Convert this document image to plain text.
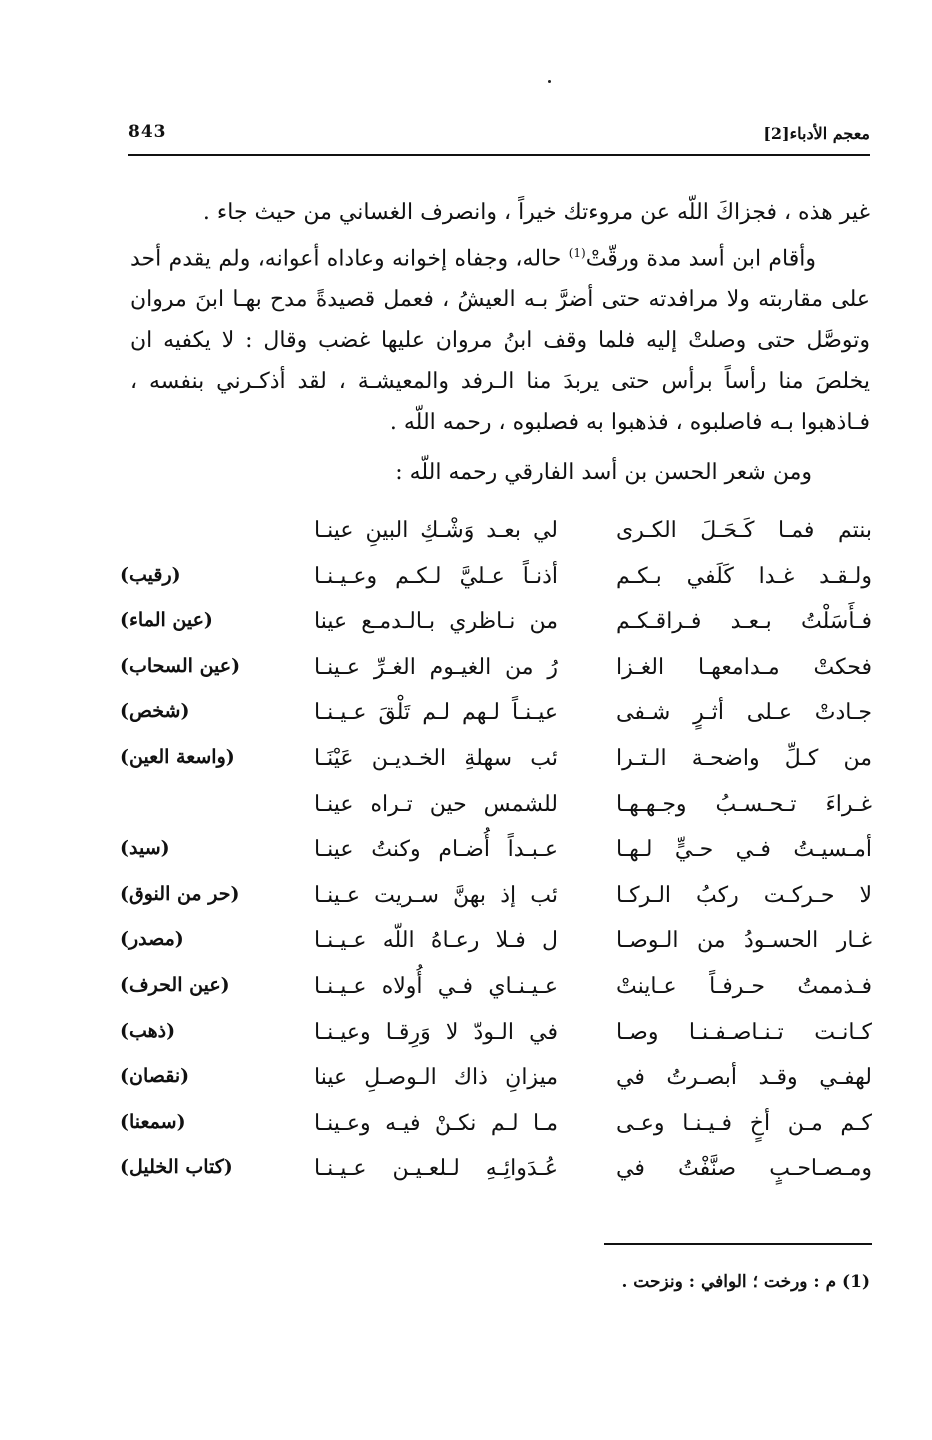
معجم الأدباء[2]
843

غير هذه ، فجزاكَ اللّه عن مروءتك خيراً ، وانصرف الغساني من حيث جاء .

وأقام ابن أسد مدة ورقّتْ$^{(1)}$ حاله، وجفاه إخوانه وعاداه أعوانه، ولم يقدم أحد على مقاربته ولا مرافدته حتى أضرَّ بـه العيشُ ، فعمل قصيدةً مدح بهـا ابنَ مروان وتوصَّل حتى وصلتْ إليه فلما وقف ابنُ مروان عليها غضب وقال : لا يكفيه ان يخلصَ منا رأساً برأس حتى يربدَ منا الـرفد والمعيشـة ، لقد أذكـرني بنفسه ، فـاذهبوا بـه فاصلبوه ، فذهبوا به فصلبوه ، رحمه اللّه .

ومن شعر الحسن بن أسد الفارقي رحمه اللّه :
بنتم فمـا كَـحَـلَ الكـرى
لي بعـد وَشْـكِ البينِ عينـا
ولـقـد غـدا كَلَفي بـكـم
أذنـاً عـليَّ لـكـم وعـيـنـا
(رقيب)
فـأَسَلْتُ بـعـد فـراقـكـم
من نـاظري بـالـدمـع عينا
(عين الماء)
فحكتْ مـدامعهـا الغـزا
رُ من الغيـوم الغـرِّ عـينـا
(عين السحاب)
جـادتْ عـلى أثـرٍ شـفى
عيـنـاً لـهم لـم تَلْقَ عـيـنـا
(شخص)
من كـلِّ واضحـة الـتـرا
ئب سهلةِ الخـديـن عَيْنَـا
(واسعة العين)
غـراءَ تـحـسـبُ وجـهـهـا
للشمس حين تـراه عينـا
أمـسيـتُ فـي حـيٍّ لـهـا
عـبـداً أُضـام وكنتُ عينـا
(سيد)
لا حـركـت ركبُ الـركـا
ئب إذ بهنَّ سـريت عـينـا
(حر من النوق)
غـار الحسـودُ من الـوصـا
ل فـلا رعـاهُ اللّه عـيـنـا
(مصدر)
فـذممتُ حـرفـاً عـاينتْ
عـيـنـاي فـي أُولاه عـيـنـا
(عين الحرف)
كـانـت تـنـاصـفـنـا وصـا
في الـودّ لا وَرِقـا وعيـنـا
(ذهب)
لهفـي وقـد أبصـرتُ في
ميزانِ ذاك الـوصـلِ عينا
(نقصان)
كـم مـن أخٍ فـيـنـا وعـى
مـا لـم نكـنْ فيـه وعـينـا
(سمعنا)
ومـصـاحـبٍ صنَّفْتُ في
عُـدَوائِـهِ لـلعـيـن عـيـنـا
(كتاب الخليل)
(1) م : ورخت ؛ الوافي : ونزحت .
